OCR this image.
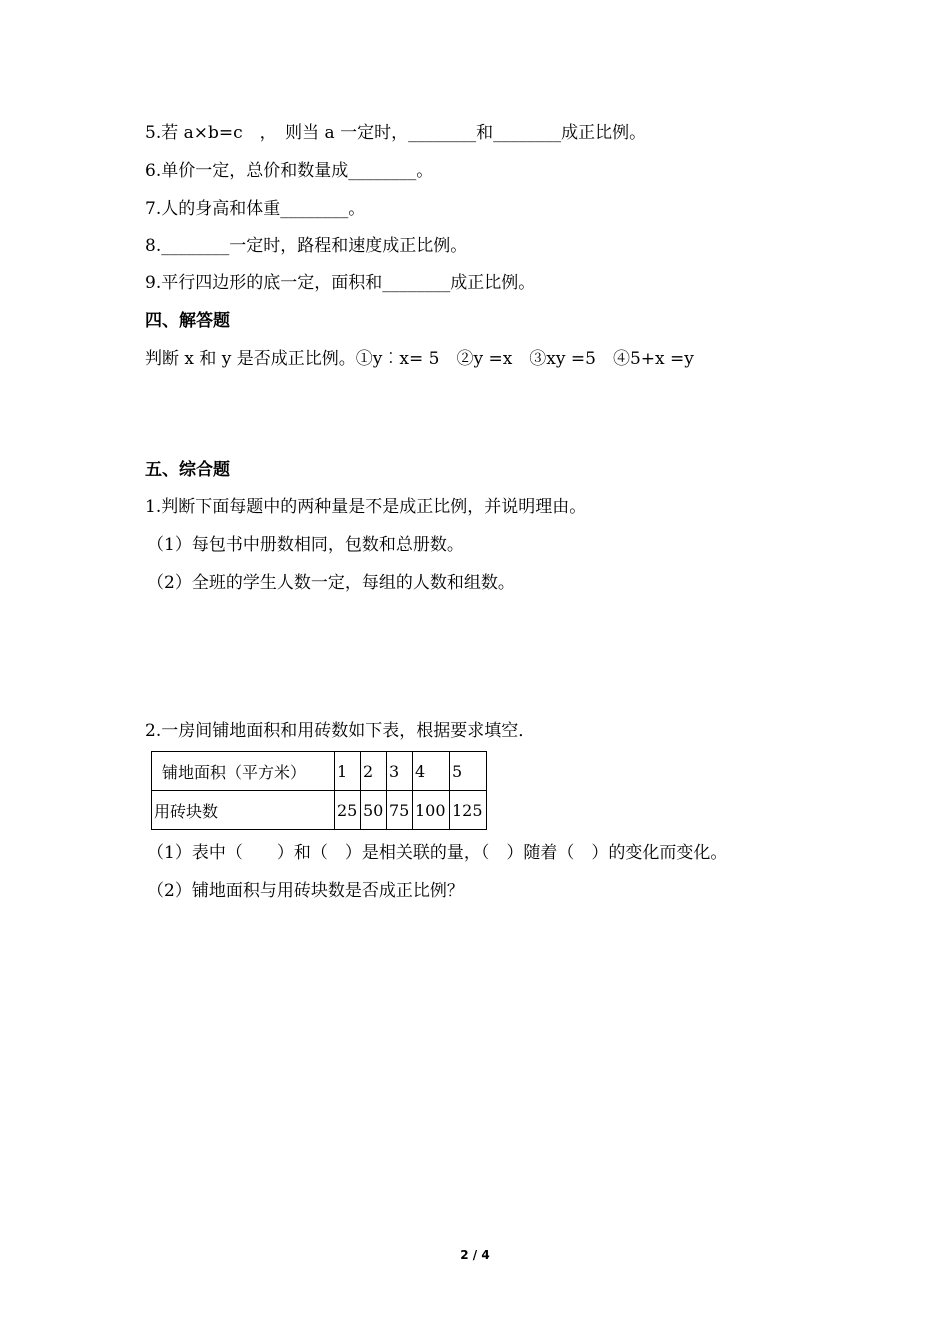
5.若 a×b=c　，　则当 a 一定时，________和________成正比例。
6.单价一定，总价和数量成________。
7.人的身高和体重________。
8.________一定时，路程和速度成正比例。
9.平行四边形的底一定，面积和________成正比例。
四、解答题
判断 x 和 y 是否成正比例。①y︰x= 5　②y =x　③xy =5　④5+x =y
五、综合题
1.判断下面每题中的两种量是不是成正比例，并说明理由。
（1）每包书中册数相同，包数和总册数。
（2）全班的学生人数一定，每组的人数和组数。
2.一房间铺地面积和用砖数如下表，根据要求填空．
铺地面积（平方米）	1	2	3	4	5
用砖块数	25	50	75	100	125
（1）表中（　　）和（　）是相关联的量，（　）随着（　）的变化而变化。
（2）铺地面积与用砖块数是否成正比例？
2 / 4
